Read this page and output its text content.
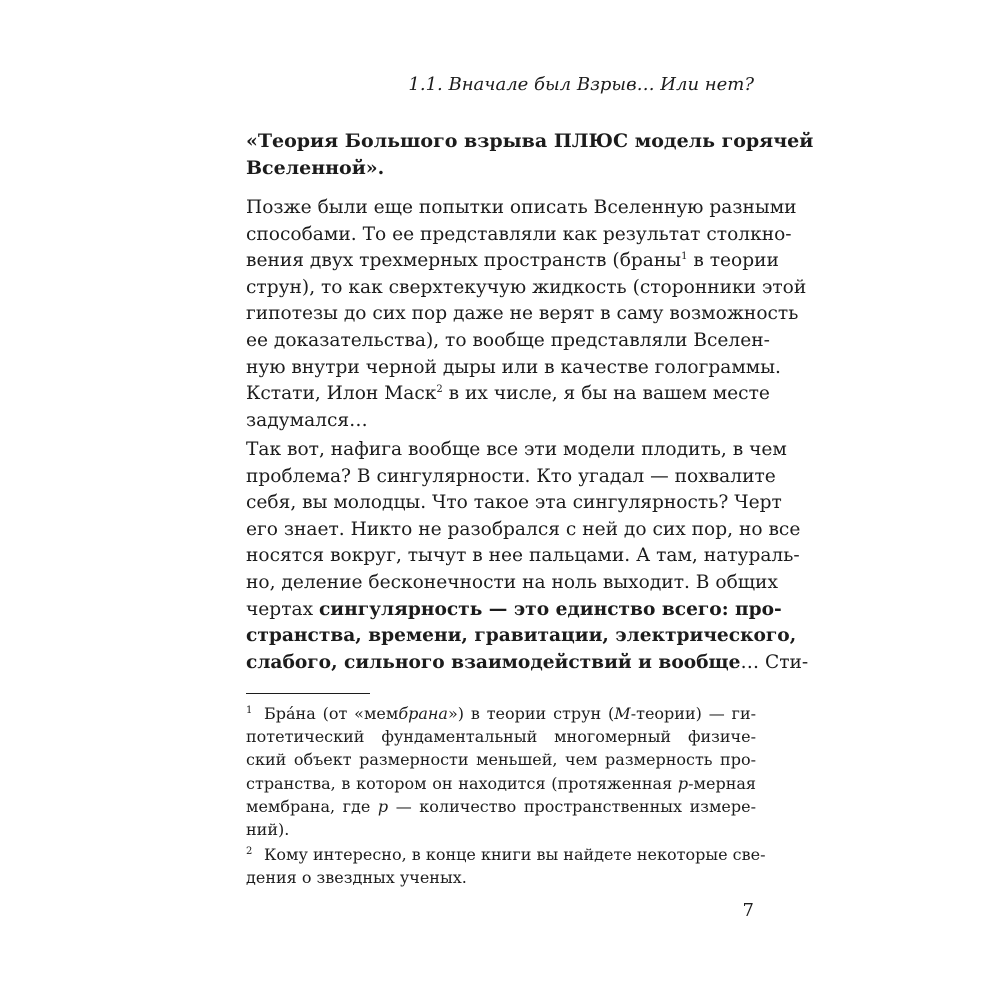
1.1. Вначале был Взрыв… Или нет?
«Теория Большого взрыва ПЛЮС модель горячей
Вселенной».
Позже были еще попытки описать Вселенную разными
способами. То ее представляли как результат столкно-
вения двух трехмерных пространств (браны$^1$ в теории
струн), то как сверхтекучую жидкость (сторонники этой
гипотезы до сих пор даже не верят в саму возможность
ее доказательства), то вообще представляли Вселен-
ную внутри черной дыры или в качестве голограммы.
Кстати, Илон Маск$^2$ в их числе, я бы на вашем месте
задумался…
Так вот, нафига вообще все эти модели плодить, в чем
проблема? В сингулярности. Кто угадал — похвалите
себя, вы молодцы. Что такое эта сингулярность? Черт
его знает. Никто не разобрался с ней до сих пор, но все
носятся вокруг, тычут в нее пальцами. А там, натураль-
но, деление бесконечности на ноль выходит. В общих
чертах сингулярность — это единство всего: про-
странства, времени, гравитации, электрического,
слабого, сильного взаимодействий и вообще… Сти-
1 Бра́на (от «мембрана») в теории струн (М-теории) — ги-
потетический фундаментальный многомерный физиче-
ский объект размерности меньшей, чем размерность про-
странства, в котором он находится (протяженная p-мерная
мембрана, где p — количество пространственных измере-
ний).
2 Кому интересно, в конце книги вы найдете некоторые све-
дения о звездных ученых.
7
